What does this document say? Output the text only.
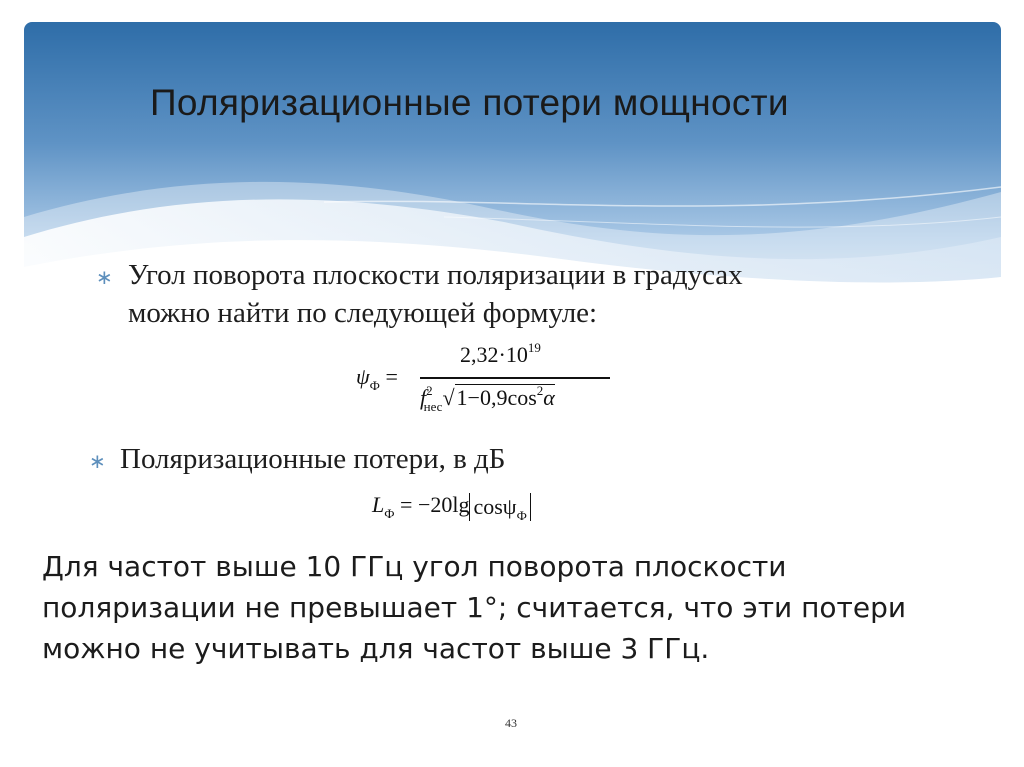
Поляризационные потери мощности
∗ Угол поворота плоскости поляризации в градусах
можно найти по следующей формуле:
$\psi_Ф$ =
$2,32\cdot 10^{19}$
$f^2_{нес}√1-0,9\cos^2\alpha$
∗ Поляризационные потери, в дБ
$L_Ф = -20\lg$ cosψ$_Ф$
Для частот выше 10 ГГц угол поворота плоскости поляризации не превышает 1°; считается, что эти потери можно не учитывать для частот выше 3 ГГц.
43
